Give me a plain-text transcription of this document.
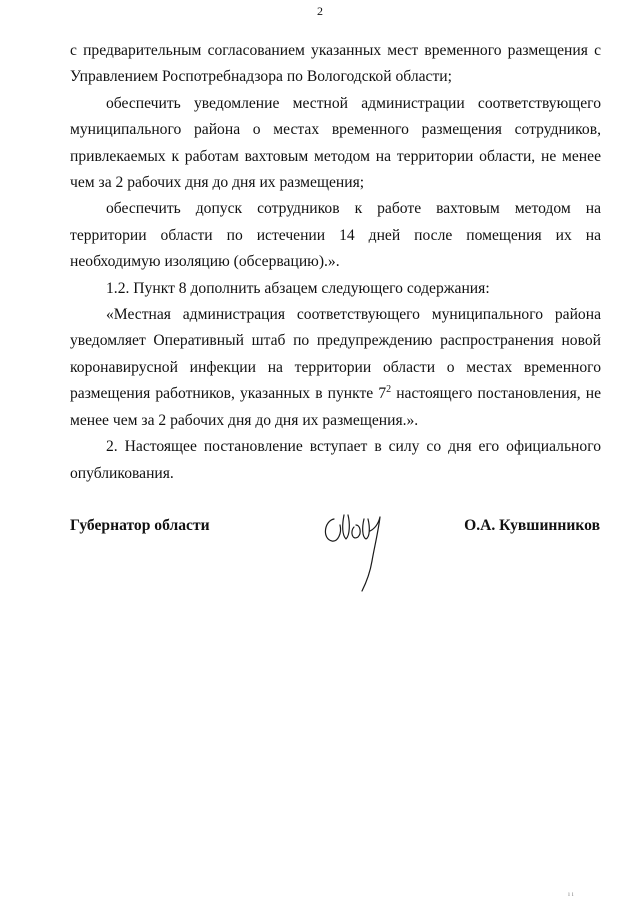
2

с предварительным согласованием указанных мест временного размещения с Управлением Роспотребнадзора по Вологодской области;

обеспечить уведомление местной администрации соответствующего муниципального района о местах временного размещения сотрудников, привлекаемых к работам вахтовым методом на территории области, не менее чем за 2 рабочих дня до дня их размещения;

обеспечить допуск сотрудников к работе вахтовым методом на территории области по истечении 14 дней после помещения их на необходимую изоляцию (обсервацию).».

1.2. Пункт 8 дополнить абзацем следующего содержания:

«Местная администрация соответствующего муниципального района уведомляет Оперативный штаб по предупреждению распространения новой коронавирусной инфекции на территории области о местах временного размещения работников, указанных в пункте $7^2$ настоящего постановления, не менее чем за 2 рабочих дня до дня их размещения.».

2. Настоящее постановление вступает в силу со дня его официального опубликования.

Губернатор области	О.А. Кувшинников
ı ı
